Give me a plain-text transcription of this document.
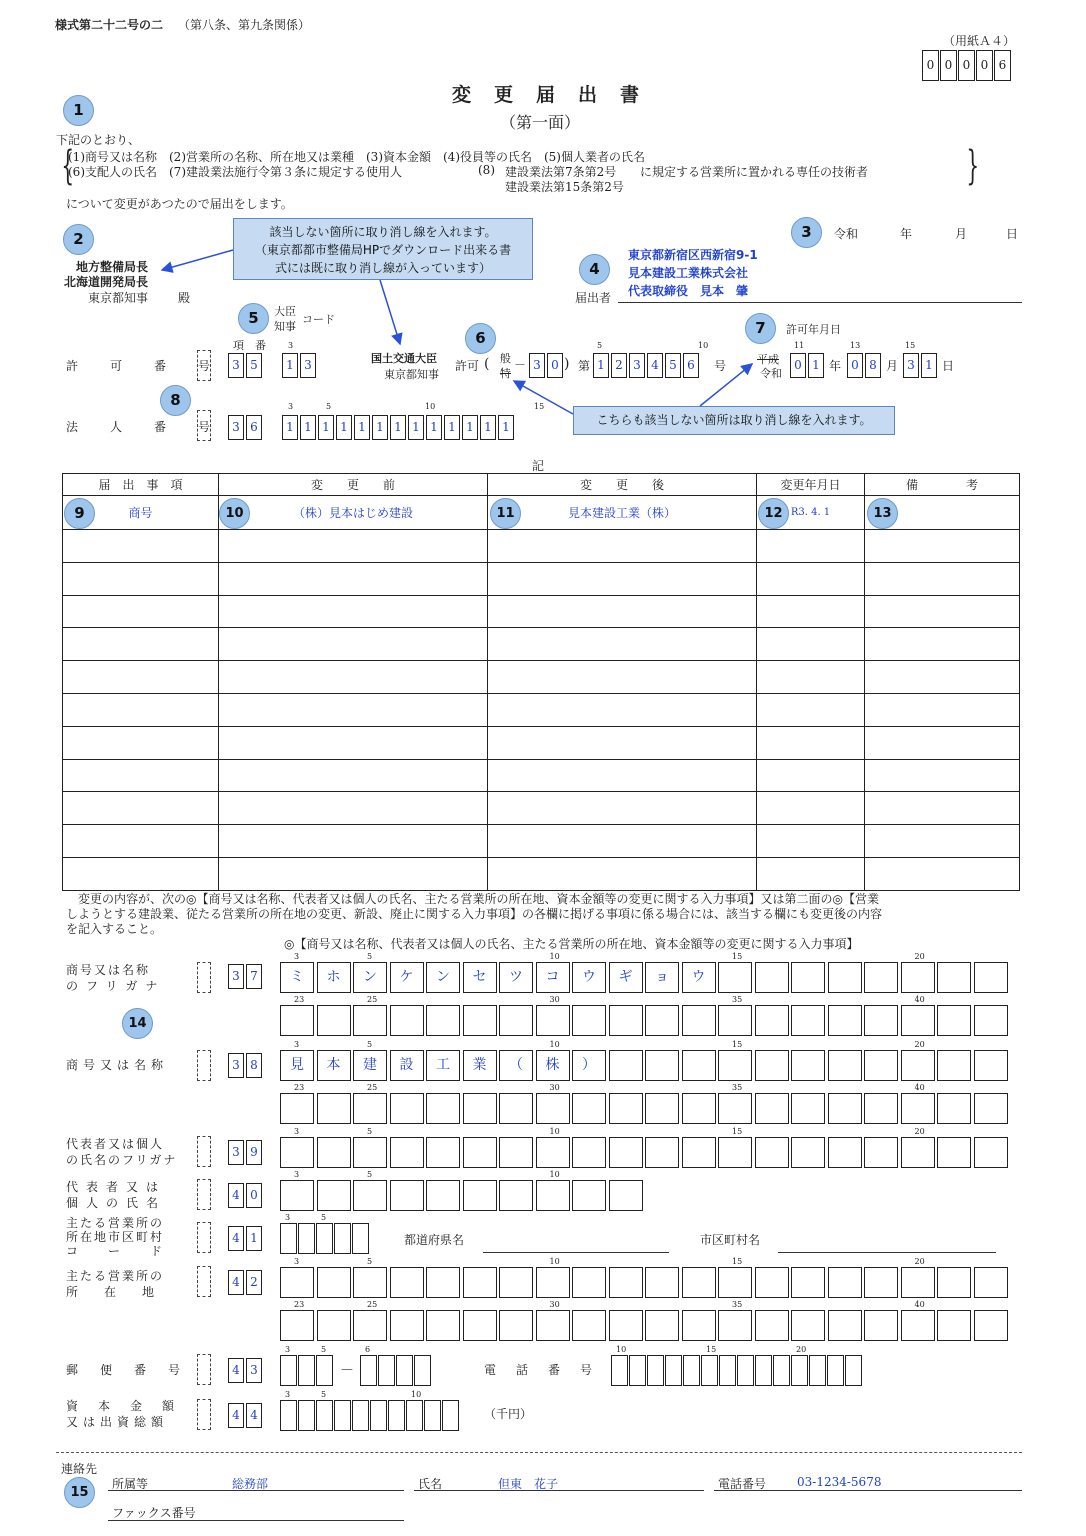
様式第二十二号の二 （第八条、第九条関係）
（用紙Ａ４）
0 0 0 0 6
変　更　届　出　書
（第一面）
下記のとおり、
(1)商号又は名称　(2)営業所の名称、所在地又は業種　(3)資本金額　(4)役員等の氏名　(5)個人業者の氏名
(6)支配人の氏名　(7)建設業法施行令第３条に規定する使用人	(8) 建設業法第7条第2号
建設業法第15条第2号
に規定する営業所に置かれる専任の技術者
{	}
について変更があつたので届出をします。
地方整備局長
北海道開発局長
東京都知事 殿
令和	年	月	日
東京都新宿区西新宿9-1
見本建設工業株式会社
代表取締役　見本　肇
届出者
該当しない箇所に取り消し線を入れます。
（東京都都市整備局HPでダウンロード出来る書
式には既に取り消し線が入っています）
こちらも該当しない箇所は取り消し線を入れます。
大臣
知事
コード
項　番
許　可　番　号
3
3 5	1 3	国土交通大臣
東京都知事
許可 ( 般
特
－ 3 0 ) 第
5	10
1 2 3 4 5 6	号
許可年月日
平成
令和
11	13	15
0 1 年 0 8 月 3 1 日
法　人　番　号	3 6
3	5	10	15
1 1 1 1 1 1 1 1 1 1 1 1 1
記
届　出　事　項	変　　更　　前	変　　更　　後	変更年月日	備　　　　考
商号	（株）見本はじめ建設	見本建設工業（株）	R3. 4. 1	

変更の内容が、次の◎【商号又は名称、代表者又は個人の氏名、主たる営業所の所在地、資本金額等の変更に関する入力事項】又は第二面の◎【営業
しようとする建設業、従たる営業所の所在地の変更、新設、廃止に関する入力事項】の各欄に掲げる事項に係る場合には、該当する欄にも変更後の内容
を記入すること。
◎【商号又は名称、代表者又は個人の氏名、主たる営業所の所在地、資本金額等の変更に関する入力事項】
商号又は名称
のフリガナ
3 7	ミ	ホ	ン	ケ	ン	セ	ツ	コ	ウ	ギ	ョ	ウ
商号又は名称	3 8	見	本	建	設	工	業	（	株	）
代表者又は個人
の氏名のフリガナ
3 9
代表者又は
個人の氏名
4 0
主たる営業所の
所在地市区町村
コード
4 1	都道府県名	市区町村名
主たる営業所の
所在地
4 2
郵便番号	4 3	－	電話番号
資本金額
又は出資総額	4 4	（千円）
連絡先
所属等	総務部	氏名	但東　花子	電話番号	03-1234-5678
ファックス番号
1
2	3
4
5
6
7
8
9	10	11	12	13
14
15
3	5	10	15	20
3	5	10	15	20
3	5	10	15	20
3	5	10	15	20
23	25	30	35	40
23	25	30	35	40
23	25	30	35	40
3	5	10
3	5
3	5	6	10	15	20
3	5	10
